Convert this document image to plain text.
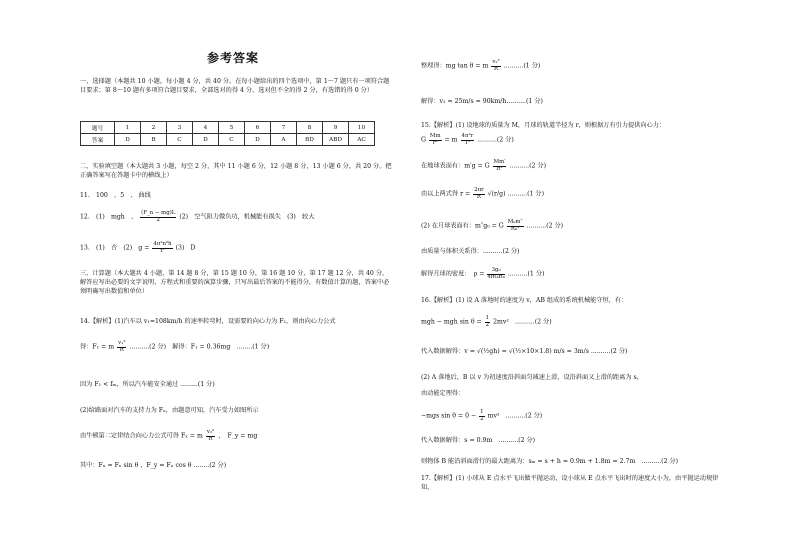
参考答案
一、选择题（本题共 10 小题，每小题 4 分，共 40 分。在每小题给出的四个选项中，第 1～7 题只有一项符合题目要求；第 8～10 题有多项符合题目要求，全部选对的得 4 分，选对但不全的得 2 分，有选错的得 0 分）
题号	1	2	3	4	5	6	7	8	9	10
答案	D	B	C	D	C	D	A	BD	ABD	AC
二、实验填空题（本大题共 3 小题，每空 2 分，其中 11 小题 6 分，12 小题 8 分，13 小题 6 分，共 20 分。把正确答案写在答题卡中的横线上）
11.　100　、5　、 曲线
12.　(1)　mgh　、 $\frac{(F\_n - mg)L}{2} (2)$　空气阻力做负功，机械能有损失　(3)　较大
13.　(1)　否　(2)　$g = \frac{\text{4π²n²h}}{\text{t²}} (3)$　D
三、计算题（本大题共 4 小题，第 14 题 8 分，第 15 题 10 分，第 16 题 10 分，第 17 题 12 分，共 40 分，解答应写出必要的文字说明、方程式和重要的演算步骤，只写出最后答案的不能得分，有数值计算的题，答案中必须明确写出数值和单位）
14.【解析】(1)汽车以 v₁=108km/h 的速率转弯时，设需要的向心力为 F₁，则由向心力公式
得：F₁ = m $\frac{\text{v₁²}}{R} ..........(2$ 分)　解得：F₁ = 0.36mg　........(1 分)
因为 F₁ < fₘ，所以汽车能安全通过 .........(1 分)
(2)给路面对汽车的支持力为 Fₙ，由题意可知，汽车受力如图所示
由牛顿第二定律结合向心力公式可得 Fₓ = m $\frac{\text{v₂²}}{R}$ ，　F_y = mg
其中：Fₓ = Fₙ sin θ ，F_y = Fₙ cos θ ........(2 分)
整理得：mg tan θ = m $\frac{\text{v₂²}}{R} ..........(1$ 分)
解得：v₂ = 25m/s = 90km/h..........(1 分)
15.【解析】(1) 设地球的质量为 M，月球的轨道半径为 r，则根据万有引力提供向心力：
G $\frac{Mm}{\text{r²}} = m \frac{\text{4π²r}}{\text{T²}} ..........(2$ 分)
在地球表面有：m′g = G $\frac{Mm'}{\text{R²}} ..........(2$ 分)
由以上两式得 $r = \frac{2\pi r}{R} √(r/g)$ ..........(1 分)
(2) 在月球表面有：m″g₀ = G $\frac{\text{M₀m″}}{\text{R₀²}} ..........(2$ 分)
由质量与体积关系得：..........(2 分)
解得月球的密度：　$\rho = \frac{\text{3g₀}}{\text{4πGR₀}} ..........(1$ 分)
16.【解析】(1) 设 A 落地时的速度为 v，AB 组成的系统机械能守恒，有：
mgh − mgh $\sin \theta = \frac{1}{2} 2mv^2$　..........(2 分)
代入数据解得：v = √(½gh) = √(½×10×1.8) m/s = 3m/s ..........(2 分)
(2) A 落地后，B 以 v 为初速度沿斜面匀减速上滑，设沿斜面又上滑的距离为 s，
由动能定理得：
−mgs $\sin \theta = 0 - \frac{1}{2} mv^2$　..........(2 分)
代入数据解得：s = 0.9m　..........(2 分)
则物体 B 能沿斜面滑行的最大距离为：sₘ = s + h = 0.9m + 1.8m = 2.7m　..........(2 分)
17.【解析】(1) 小球从 E 点水平飞出做平抛运动，设小球从 E 点水平飞出时的速度大小为，由平抛运动规律知，
